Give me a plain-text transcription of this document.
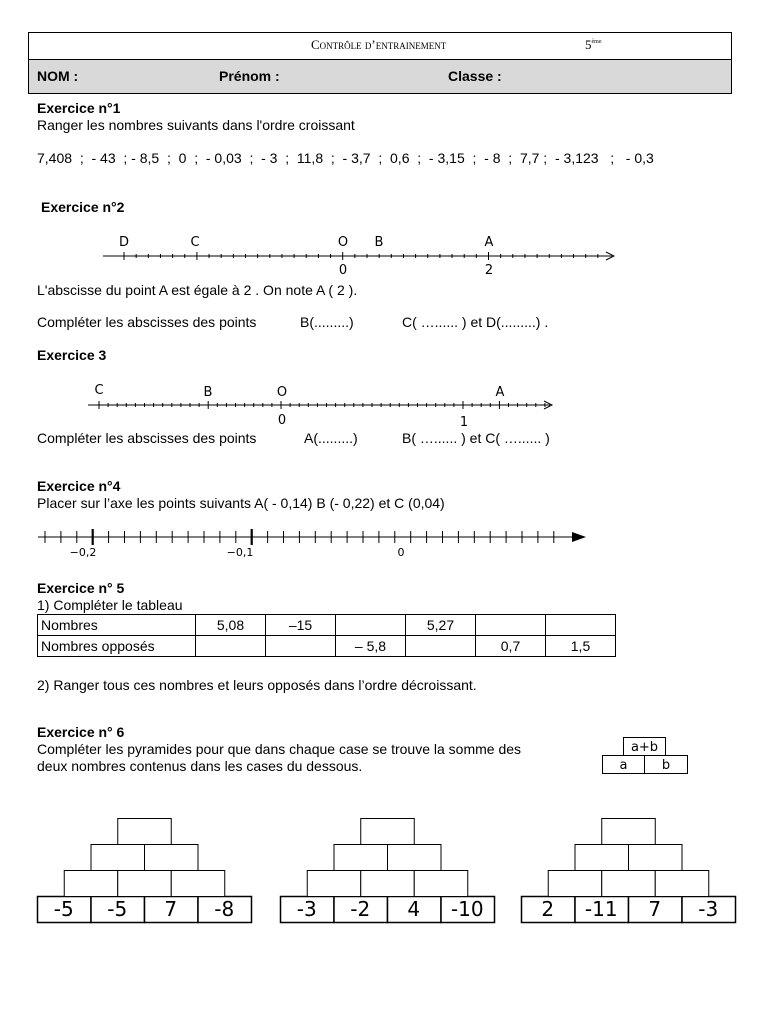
Contrôle d’entrainement	5ème
NOM :	Prénom :	Classe :
Exercice n°1
Ranger les nombres suivants dans l'ordre croissant
7,408  ;  - 43  ; - 8,5  ;  0  ;  - 0,03  ;  - 3  ;  11,8  ;  - 3,7  ;  0,6  ;  - 3,15  ;  - 8  ;  7,7 ;  - 3,123   ;   - 0,3
Exercice n°2
D	C	O B	A
0	2
L'abscisse du point A est égale à 2 . On note A ( 2 ).
Compléter les abscisses des points	B(.........)	C( …...... ) et D(.........) .
Exercice 3
C	B	O	A
0	1
Compléter les abscisses des points	A(.........)	B( …...... ) et C( …...... )
Exercice n°4
Placer sur l’axe les points suivants A( - 0,14) B (- 0,22) et C (0,04)
−0,2	−0,1	0
Exercice n° 5
1) Compléter le tableau
Nombres	5,08	–15		5,27		
Nombres opposés			– 5,8		0,7	1,5
2) Ranger tous ces nombres et leurs opposés dans l’ordre décroissant.
Exercice n° 6
Compléter les pyramides pour que dans chaque case se trouve la somme des
deux nombres contenus dans les cases du dessous.
a+b
a	b
-5 -5 7 -8	-3 -2 4 -10	2 -11 7 -3
